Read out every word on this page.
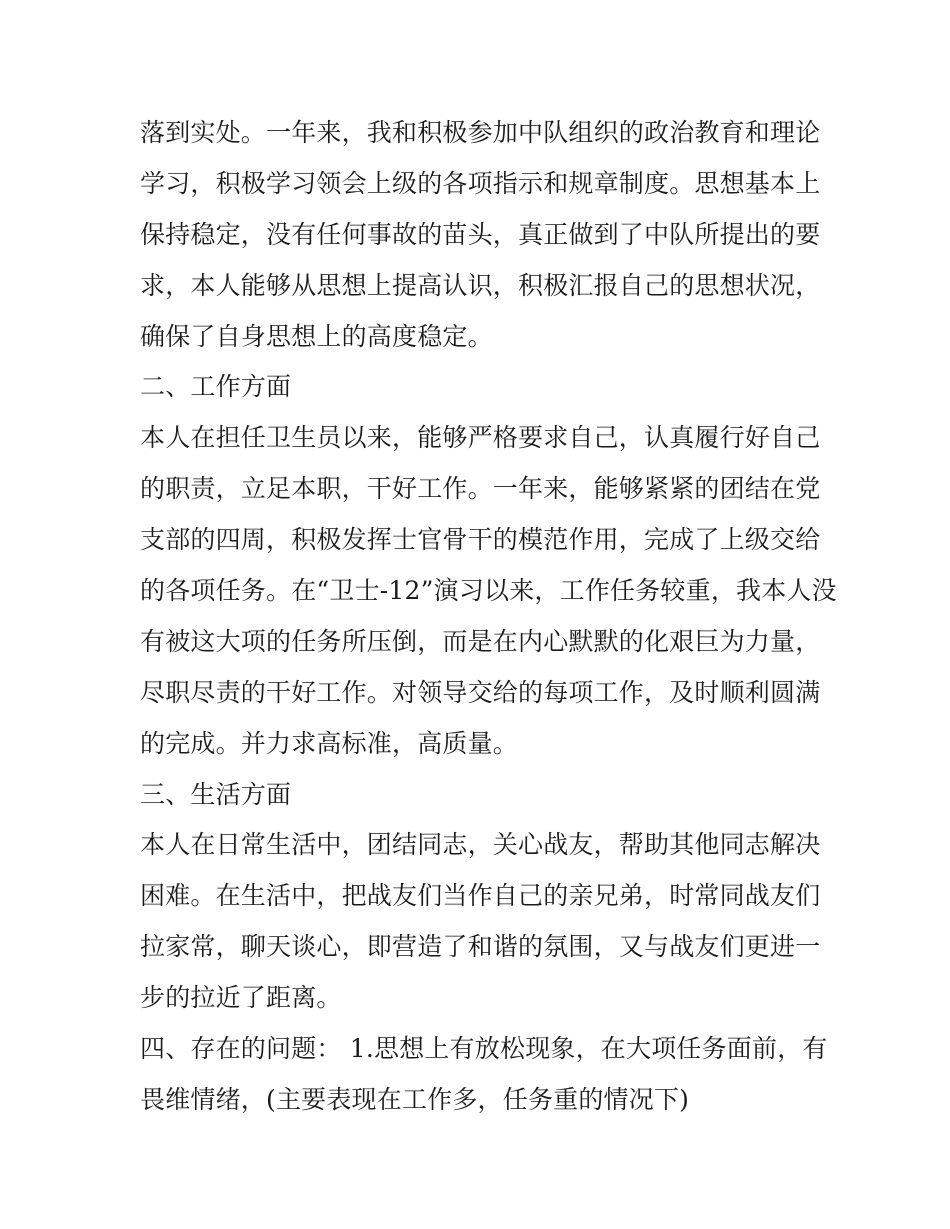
落到实处。一年来，我和积极参加中队组织的政治教育和理论
学习，积极学习领会上级的各项指示和规章制度。思想基本上
保持稳定，没有任何事故的苗头，真正做到了中队所提出的要
求，本人能够从思想上提高认识，积极汇报自己的思想状况，
确保了自身思想上的高度稳定。
二、工作方面
本人在担任卫生员以来，能够严格要求自己，认真履行好自己
的职责，立足本职，干好工作。一年来，能够紧紧的团结在党
支部的四周，积极发挥士官骨干的模范作用，完成了上级交给
的各项任务。在“卫士-12”演习以来，工作任务较重，我本人没
有被这大项的任务所压倒，而是在内心默默的化艰巨为力量，
尽职尽责的干好工作。对领导交给的每项工作，及时顺利圆满
的完成。并力求高标准，高质量。
三、生活方面
本人在日常生活中，团结同志，关心战友，帮助其他同志解决
困难。在生活中，把战友们当作自己的亲兄弟，时常同战友们
拉家常，聊天谈心，即营造了和谐的氛围，又与战友们更进一
步的拉近了距离。
四、存在的问题： 1.思想上有放松现象，在大项任务面前，有
畏维情绪，(主要表现在工作多，任务重的情况下)
